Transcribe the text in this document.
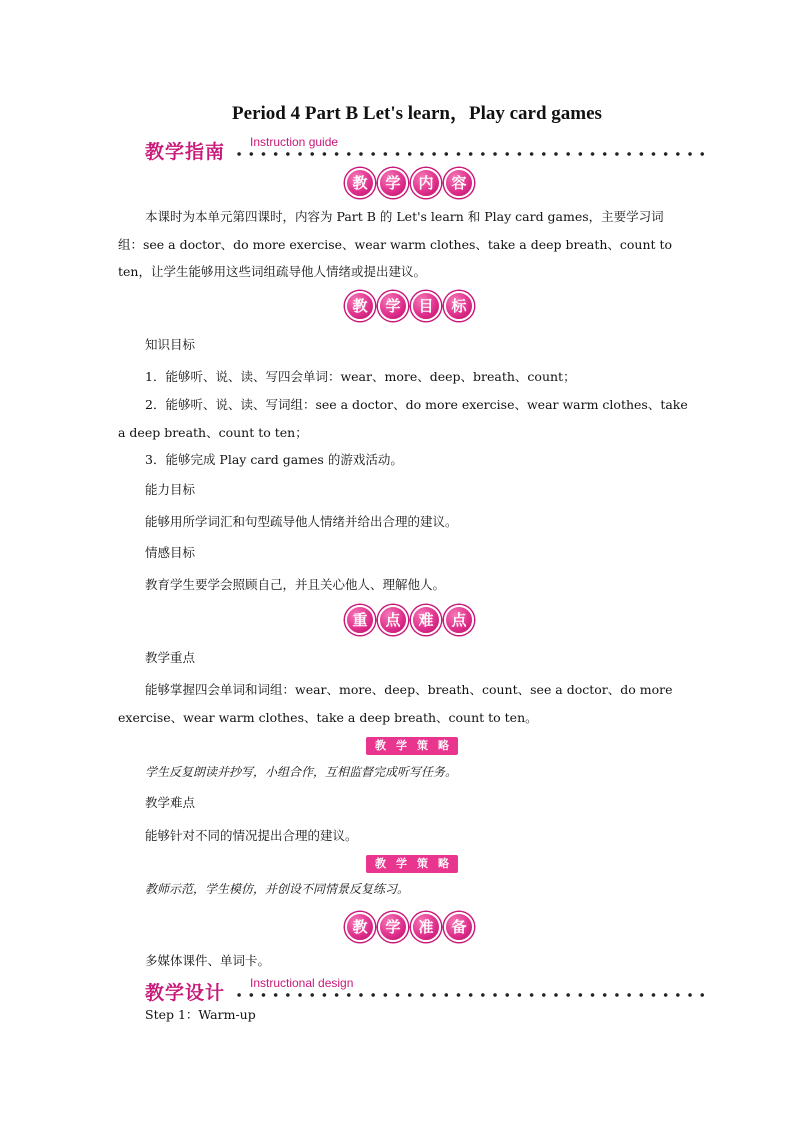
Period 4 Part B Let's learn，Play card games
教学指南 Instruction guide
教	学	内	容
本课时为本单元第四课时，内容为 Part B 的 Let's learn 和 Play card games，主要学习词组：see a doctor、do more exercise、wear warm clothes、take a deep breath、count to ten，让学生能够用这些词组疏导他人情绪或提出建议。
教	学	目	标
知识目标
1．能够听、说、读、写四会单词：wear、more、deep、breath、count；
2．能够听、说、读、写词组：see a doctor、do more exercise、wear warm clothes、take a deep breath、count to ten；
3．能够完成 Play card games 的游戏活动。
能力目标
能够用所学词汇和句型疏导他人情绪并给出合理的建议。
情感目标
教育学生要学会照顾自己，并且关心他人、理解他人。
重	点	难	点
教学重点
能够掌握四会单词和词组：wear、more、deep、breath、count、see a doctor、do more exercise、wear warm clothes、take a deep breath、count to ten。
教 学 策 略
学生反复朗读并抄写，小组合作，互相监督完成听写任务。
教学难点
能够针对不同的情况提出合理的建议。
教 学 策 略
教师示范，学生模仿，并创设不同情景反复练习。
教	学	准	备
多媒体课件、单词卡。
教学设计 Instructional design
Step 1：Warm-up
